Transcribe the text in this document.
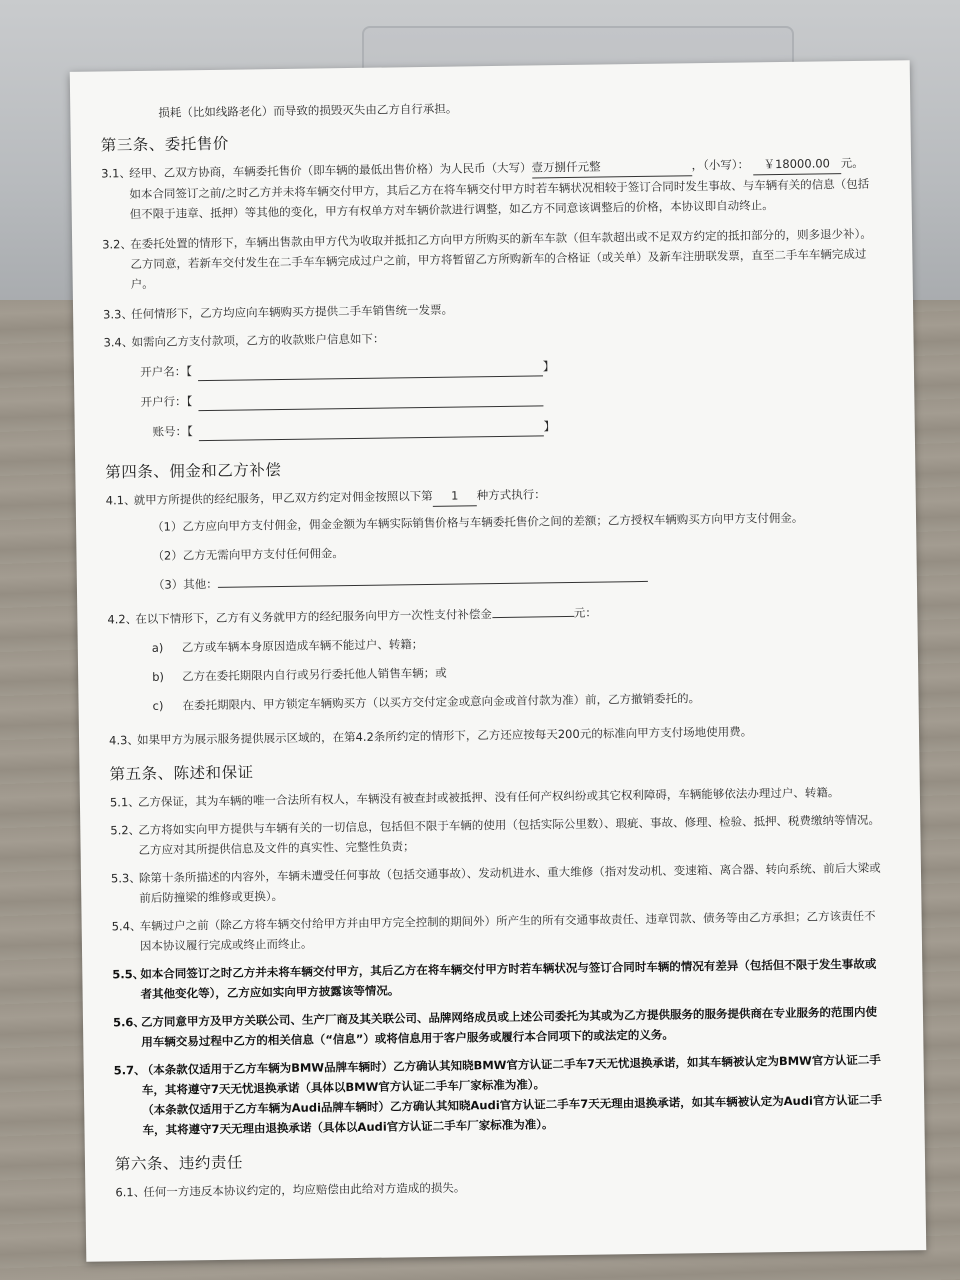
损耗（比如线路老化）而导致的损毁灭失由乙方自行承担。
第三条、委托售价
3.1、
经甲、乙双方协商，车辆委托售价（即车辆的最低出售价格）为人民币（大写）壹万捌仟元整	，（小写）： ￥18000.00 元。如本合同签订之前/之时乙方并未将车辆交付甲方，其后乙方在将车辆交付甲方时若车辆状况相较于签订合同时发生事故、与车辆有关的信息（包括但不限于违章、抵押）等其他的变化，甲方有权单方对车辆价款进行调整，如乙方不同意该调整后的价格，本协议即自动终止。
3.2、
在委托处置的情形下，车辆出售款由甲方代为收取并抵扣乙方向甲方所购买的新车车款（但车款超出或不足双方约定的抵扣部分的，则多退少补）。乙方同意，若新车交付发生在二手车车辆完成过户之前，甲方将暂留乙方所购新车的合格证（或关单）及新车注册联发票，直至二手车车辆完成过户。
3.3、
任何情形下，乙方均应向车辆购买方提供二手车销售统一发票。
3.4、
如需向乙方支付款项，乙方的收款账户信息如下：
开户名：【	】
开户行：【
账号：【	】
第四条、佣金和乙方补偿
4.1、
就甲方所提供的经纪服务，甲乙双方约定对佣金按照以下第 1 种方式执行：
（1）乙方应向甲方支付佣金，佣金金额为车辆实际销售价格与车辆委托售价之间的差额；乙方授权车辆购买方向甲方支付佣金。
（2）乙方无需向甲方支付任何佣金。
（3）其他：
4.2、
在以下情形下，乙方有义务就甲方的经纪服务向甲方一次性支付补偿金	元：
a) 乙方或车辆本身原因造成车辆不能过户、转籍；
b) 乙方在委托期限内自行或另行委托他人销售车辆；或
c) 在委托期限内、甲方锁定车辆购买方（以买方交付定金或意向金或首付款为准）前，乙方撤销委托的。
4.3、
如果甲方为展示服务提供展示区域的，在第4.2条所约定的情形下，乙方还应按每天200元的标准向甲方支付场地使用费。
第五条、陈述和保证
5.1、
乙方保证，其为车辆的唯一合法所有权人，车辆没有被查封或被抵押、没有任何产权纠纷或其它权利障碍，车辆能够依法办理过户、转籍。
5.2、
乙方将如实向甲方提供与车辆有关的一切信息，包括但不限于车辆的使用（包括实际公里数）、瑕疵、事故、修理、检验、抵押、税费缴纳等情况。乙方应对其所提供信息及文件的真实性、完整性负责；
5.3、
除第十条所描述的内容外，车辆未遭受任何事故（包括交通事故）、发动机进水、重大维修（指对发动机、变速箱、离合器、转向系统、前后大梁或前后防撞梁的维修或更换）。
5.4、
车辆过户之前（除乙方将车辆交付给甲方并由甲方完全控制的期间外）所产生的所有交通事故责任、违章罚款、债务等由乙方承担；乙方该责任不因本协议履行完成或终止而终止。
5.5、
如本合同签订之时乙方并未将车辆交付甲方，其后乙方在将车辆交付甲方时若车辆状况与签订合同时车辆的情况有差异（包括但不限于发生事故或者其他变化等），乙方应如实向甲方披露该等情况。
5.6、
乙方同意甲方及甲方关联公司、生产厂商及其关联公司、品牌网络成员或上述公司委托为其或为乙方提供服务的服务提供商在专业服务的范围内使用车辆交易过程中乙方的相关信息（“信息”）或将信息用于客户服务或履行本合同项下的或法定的义务。
5.7、
（本条款仅适用于乙方车辆为BMW品牌车辆时）乙方确认其知晓BMW官方认证二手车7天无忧退换承诺，如其车辆被认定为BMW官方认证二手车，其将遵守7天无忧退换承诺（具体以BMW官方认证二手车厂家标准为准）。
（本条款仅适用于乙方车辆为Audi品牌车辆时）乙方确认其知晓Audi官方认证二手车7天无理由退换承诺，如其车辆被认定为Audi官方认证二手车，其将遵守7天无理由退换承诺（具体以Audi官方认证二手车厂家标准为准）。
第六条、违约责任
6.1、
任何一方违反本协议约定的，均应赔偿由此给对方造成的损失。
